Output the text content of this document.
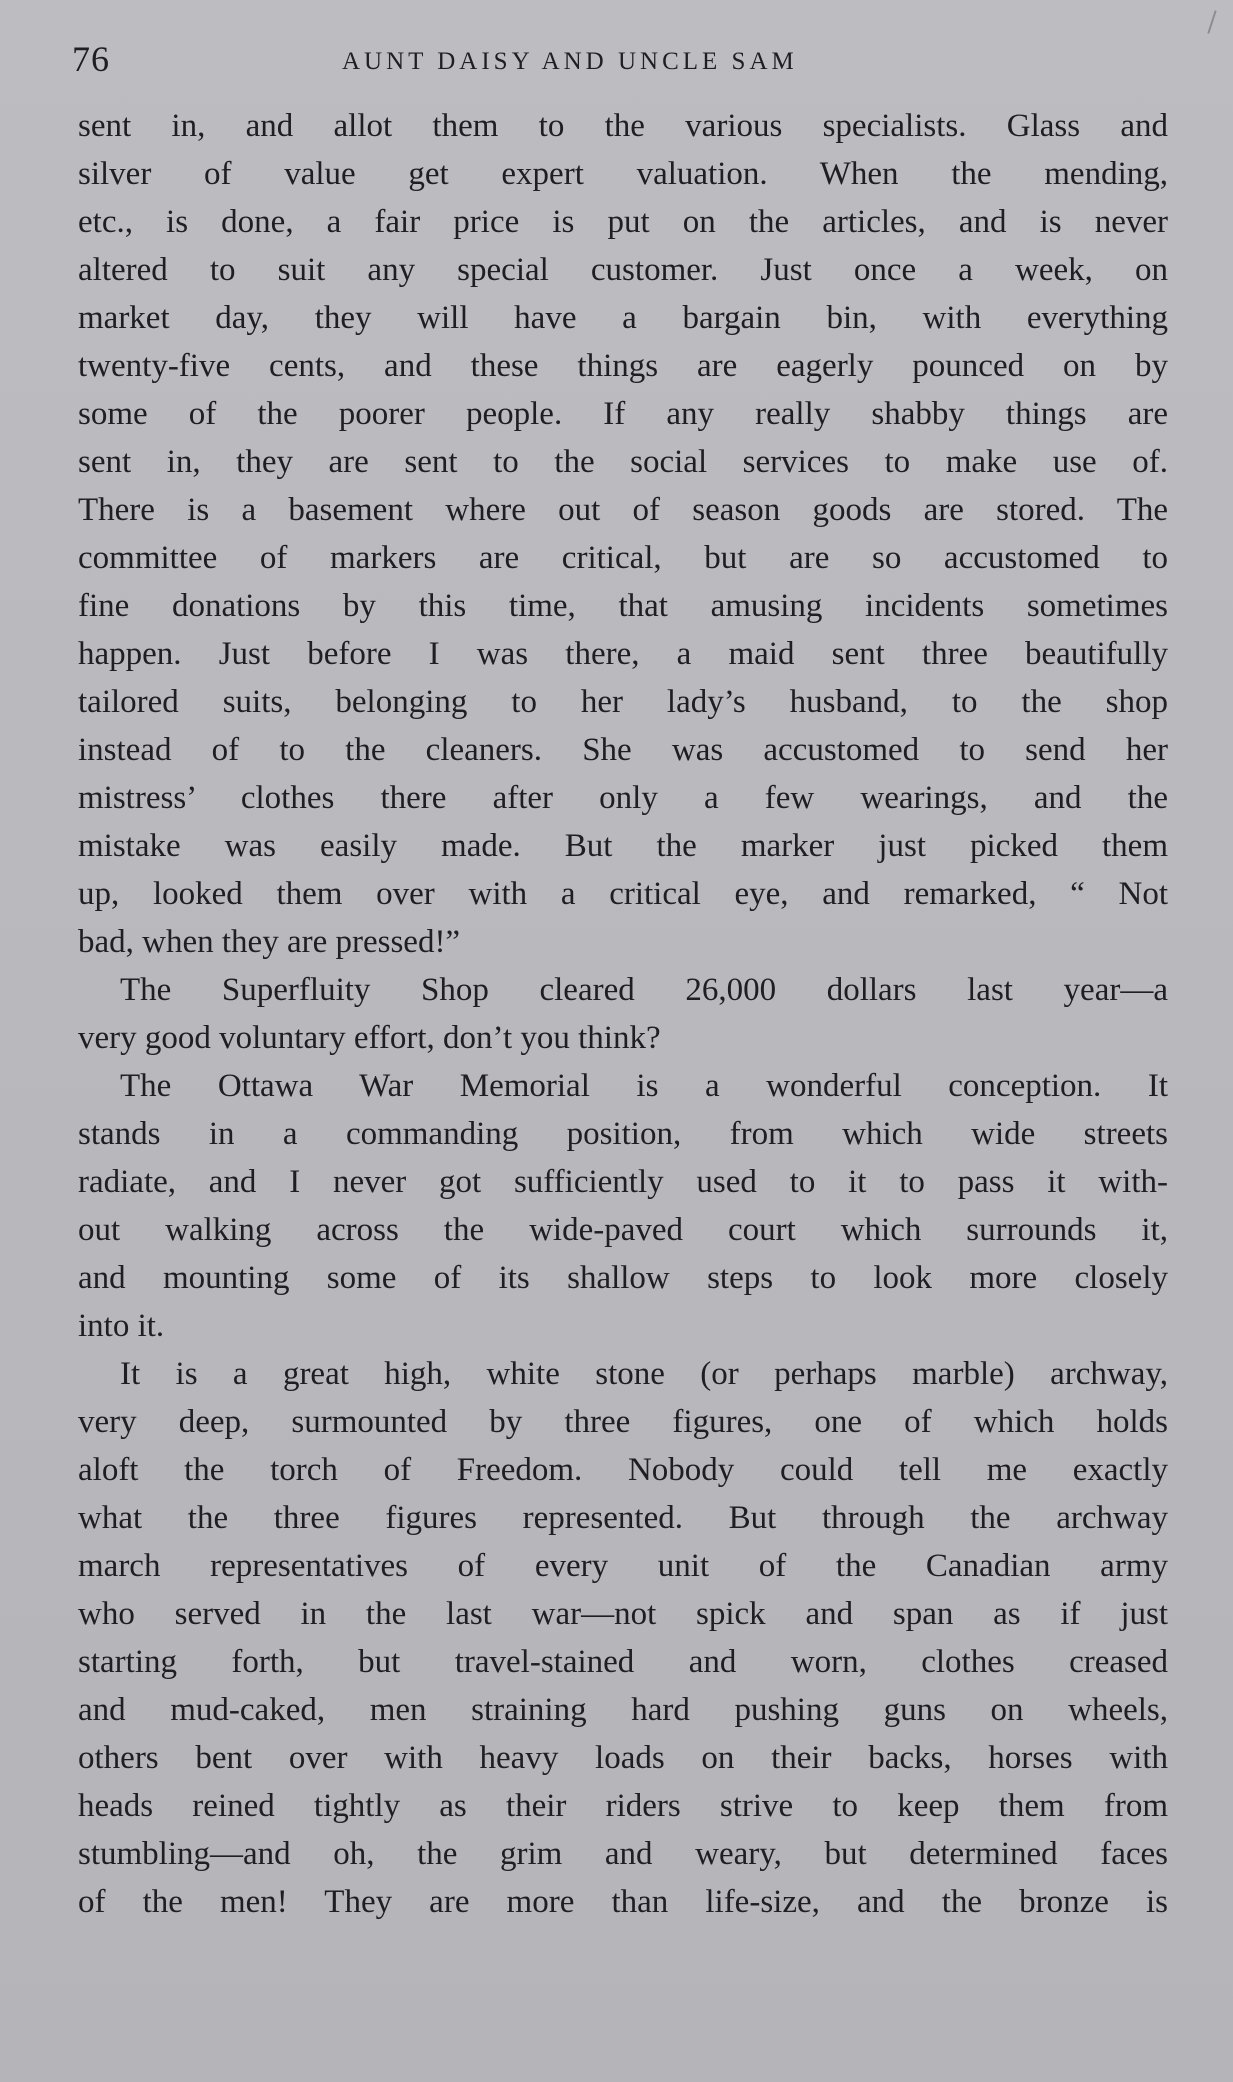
76	AUNT DAISY AND UNCLE SAM
sent in, and allot them to the various specialists. Glass and
silver of value get expert valuation. When the mending,
etc., is done, a fair price is put on the articles, and is never
altered to suit any special customer. Just once a week, on
market day, they will have a bargain bin, with everything
twenty-five cents, and these things are eagerly pounced on by
some of the poorer people. If any really shabby things are
sent in, they are sent to the social services to make use of.
There is a basement where out of season goods are stored. The
committee of markers are critical, but are so accustomed to
fine donations by this time, that amusing incidents sometimes
happen. Just before I was there, a maid sent three beautifully
tailored suits, belonging to her lady’s husband, to the shop
instead of to the cleaners. She was accustomed to send her
mistress’ clothes there after only a few wearings, and the
mistake was easily made. But the marker just picked them
up, looked them over with a critical eye, and remarked, “ Not
bad, when they are pressed!”
The Superfluity Shop cleared 26,000 dollars last year—a
very good voluntary effort, don’t you think?
The Ottawa War Memorial is a wonderful conception. It
stands in a commanding position, from which wide streets
radiate, and I never got sufficiently used to it to pass it with-
out walking across the wide-paved court which surrounds it,
and mounting some of its shallow steps to look more closely
into it.
It is a great high, white stone (or perhaps marble) archway,
very deep, surmounted by three figures, one of which holds
aloft the torch of Freedom. Nobody could tell me exactly
what the three figures represented. But through the archway
march representatives of every unit of the Canadian army
who served in the last war—not spick and span as if just
starting forth, but travel-stained and worn, clothes creased
and mud-caked, men straining hard pushing guns on wheels,
others bent over with heavy loads on their backs, horses with
heads reined tightly as their riders strive to keep them from
stumbling—and oh, the grim and weary, but determined faces
of the men! They are more than life-size, and the bronze is
